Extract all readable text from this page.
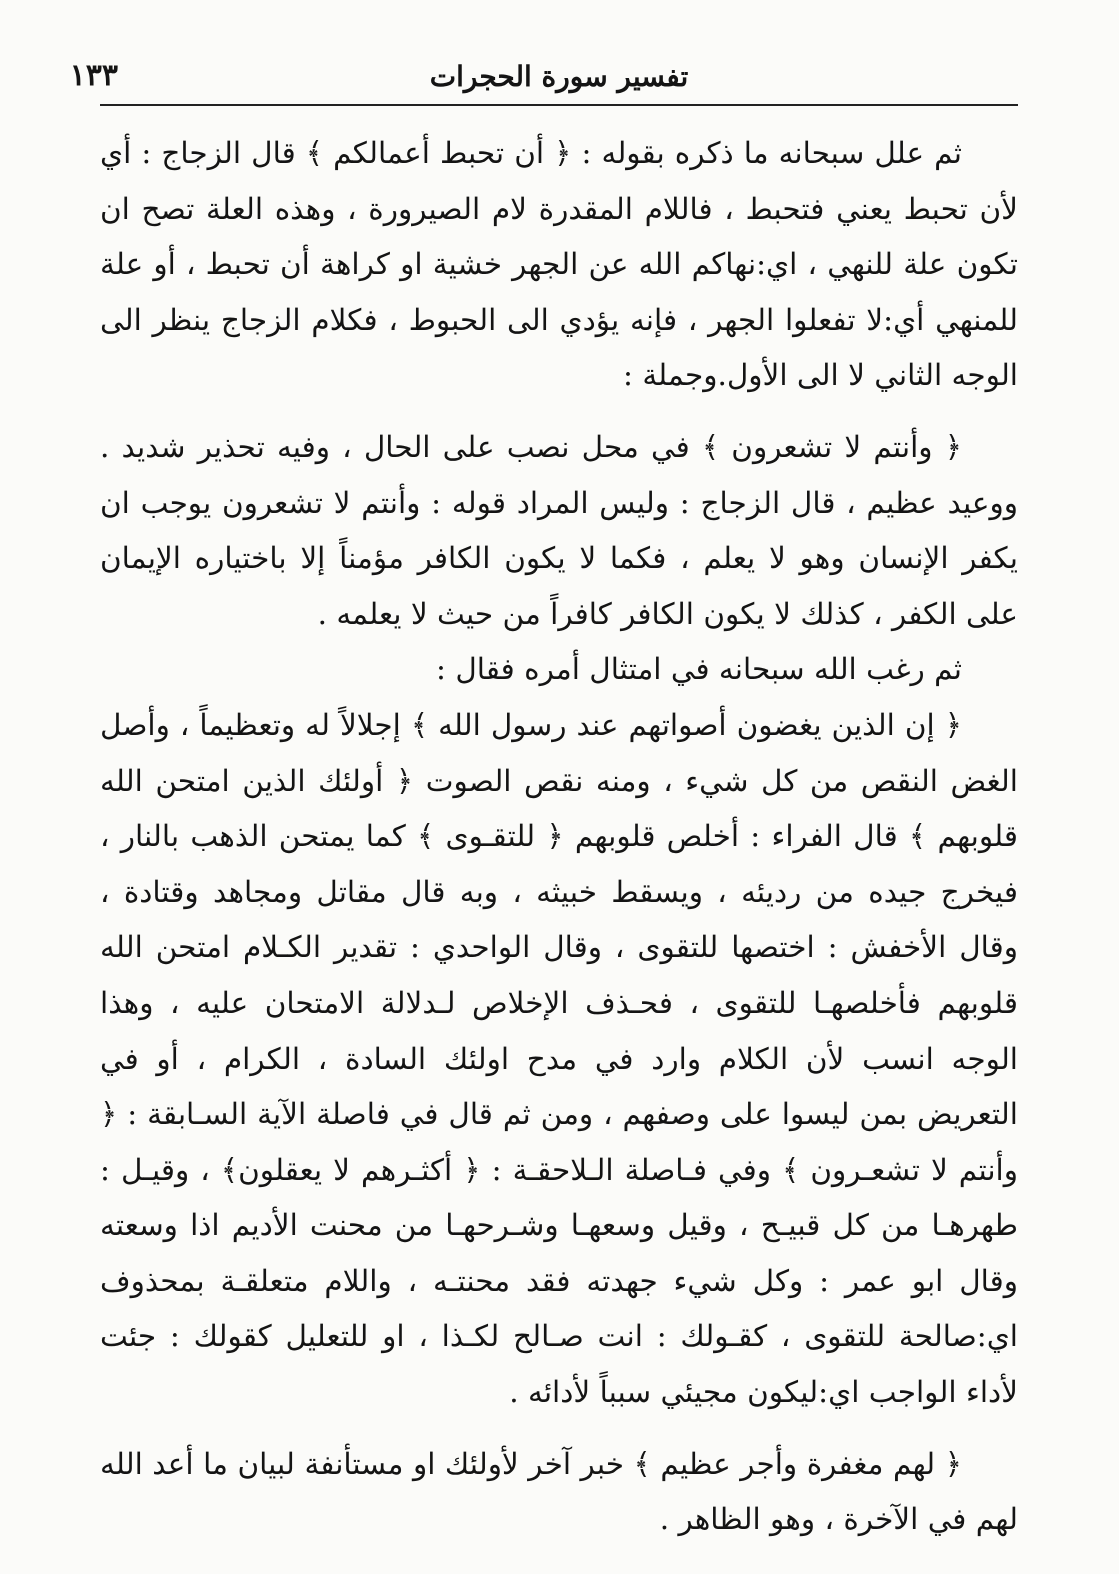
تفسير سورة الحجرات
١٣٣

ثم علل سبحانه ما ذكره بقوله : ﴿ أن تحبط أعمالكم ﴾ قال الزجاج : أي لأن تحبط يعني فتحبط ، فاللام المقدرة لام الصيرورة ، وهذه العلة تصح ان تكون علة للنهي ، اي:نهاكم الله عن الجهر خشية او كراهة أن تحبط ، أو علة للمنهي أي:لا تفعلوا الجهر ، فإنه يؤدي الى الحبوط ، فكلام الزجاج ينظر الى الوجه الثاني لا الى الأول.وجملة :

﴿ وأنتم لا تشعرون ﴾ في محل نصب على الحال ، وفيه تحذير شديد . ووعيد عظيم ، قال الزجاج : وليس المراد قوله : وأنتم لا تشعرون يوجب ان يكفر الإنسان وهو لا يعلم ، فكما لا يكون الكافر مؤمناً إلا باختياره الإيمان على الكفر ، كذلك لا يكون الكافر كافراً من حيث لا يعلمه .

ثم رغب الله سبحانه في امتثال أمره فقال :

﴿ إن الذين يغضون أصواتهم عند رسول الله ﴾ إجلالاً له وتعظيماً ، وأصل الغض النقص من كل شيء ، ومنه نقص الصوت ﴿ أولئك الذين امتحن الله قلوبهم ﴾ قال الفراء : أخلص قلوبهم ﴿ للتقـوى ﴾ كما يمتحن الذهب بالنار ، فيخرج جيده من رديئه ، ويسقط خبيثه ، وبه قال مقاتل ومجاهد وقتادة ، وقال الأخفش : اختصها للتقوى ، وقال الواحدي : تقدير الكـلام امتحن الله قلوبهم فأخلصهـا للتقوى ، فحـذف الإخلاص لـدلالة الامتحان عليه ، وهذا الوجه انسب لأن الكلام وارد في مدح اولئك السادة ، الكرام ، أو في التعريض بمن ليسوا على وصفهم ، ومن ثم قال في فاصلة الآية السـابقة : ﴿ وأنتم لا تشعـرون ﴾ وفي فـاصلة الـلاحقـة : ﴿ أكثـرهم لا يعقلون﴾ ، وقيـل : طهرهـا من كل قبيـح ، وقيل وسعهـا وشـرحهـا من محنت الأديم اذا وسعته وقال ابو عمر : وكل شيء جهدته فقد محنتـه ، واللام متعلقـة بمحذوف اي:صالحة للتقوى ، كقـولك : انت صـالح لكـذا ، او للتعليل كقولك : جئت لأداء الواجب اي:ليكون مجيئي سبباً لأدائه .

﴿ لهم مغفرة وأجر عظيم ﴾ خبر آخر لأولئك او مستأنفة لبيان ما أعد الله لهم في الآخرة ، وهو الظاهر .
